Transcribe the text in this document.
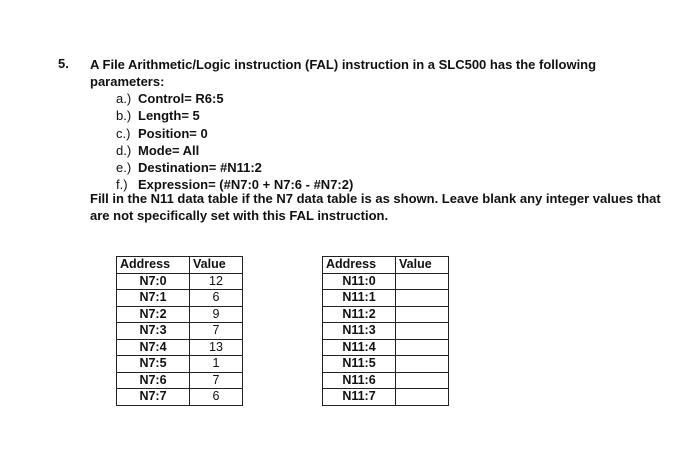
5. A File Arithmetic/Logic instruction (FAL) instruction in a SLC500 has the following parameters:
a.) Control= R6:5
b.) Length= 5
c.) Position= 0
d.) Mode= All
e.) Destination= #N11:2
f.) Expression= (#N7:0 + N7:6 - #N7:2)
Fill in the N11 data table if the N7 data table is as shown. Leave blank any integer values that are not specifically set with this FAL instruction.
Address	Value
N7:0	12
N7:1	6
N7:2	9
N7:3	7
N7:4	13
N7:5	1
N7:6	7
N7:7	6
Address	Value
N11:0	
N11:1	
N11:2	
N11:3	
N11:4	
N11:5	
N11:6	
N11:7	
